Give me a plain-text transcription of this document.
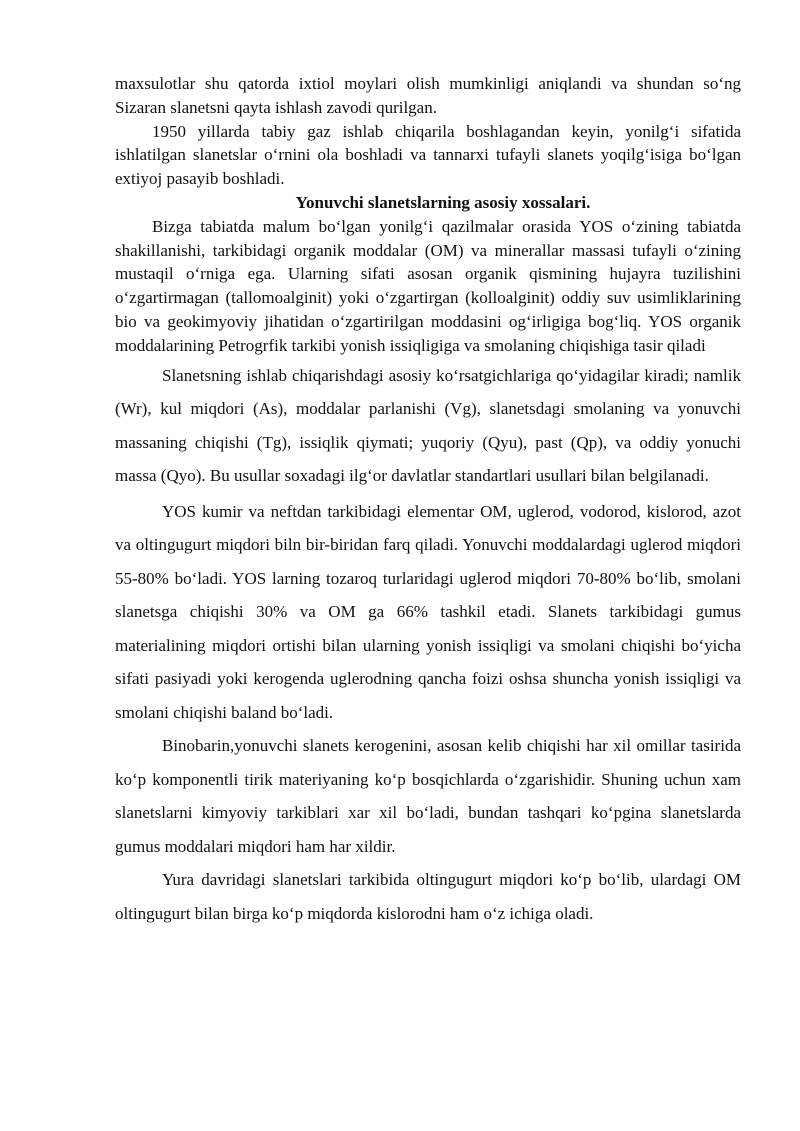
maxsulotlar shu qatorda ixtiol moylari olish mumkinligi aniqlandi va shundan so‘ng Sizaran slanetsni qayta ishlash zavodi qurilgan.

1950 yillarda tabiy gaz ishlab chiqarila boshlagandan keyin, yonilg‘i sifatida ishlatilgan slanetslar o‘rnini ola boshladi va tannarxi tufayli slanets yoqilg‘isiga bo‘lgan extiyoj pasayib boshladi.

Yonuvchi slanetslarning asosiy xossalari.

Bizga tabiatda malum bo‘lgan yonilg‘i qazilmalar orasida YOS o‘zining tabiatda shakillanishi, tarkibidagi organik moddalar (OM) va minerallar massasi tufayli o‘zining mustaqil o‘rniga ega. Ularning sifati asosan organik qismining hujayra tuzilishini o‘zgartirmagan (tallomoalginit) yoki o‘zgartirgan (kolloalginit) oddiy suv usimliklarining bio va geokimyoviy jihatidan o‘zgartirilgan moddasini og‘irligiga bog‘liq. YOS organik moddalarining Petrogrfik tarkibi yonish issiqligiga va smolaning chiqishiga tasir qiladi

Slanetsning ishlab chiqarishdagi asosiy ko‘rsatgichlariga qo‘yidagilar kiradi; namlik (Wr), kul miqdori (As), moddalar parlanishi (Vg), slanetsdagi smolaning va yonuvchi massaning chiqishi (Tg), issiqlik qiymati; yuqoriy (Qyu), past (Qp), va oddiy yonuchi massa (Qyo). Bu usullar soxadagi ilg‘or davlatlar standartlari usullari bilan belgilanadi.

YOS kumir va neftdan tarkibidagi elementar OM, uglerod, vodorod, kislorod, azot va oltingugurt miqdori biln bir-biridan farq qiladi. Yonuvchi moddalardagi uglerod miqdori 55-80% bo‘ladi. YOS larning tozaroq turlaridagi uglerod miqdori 70-80% bo‘lib, smolani slanetsga chiqishi 30% va OM ga 66% tashkil etadi. Slanets tarkibidagi gumus materialining miqdori ortishi bilan ularning yonish issiqligi va smolani chiqishi bo‘yicha sifati pasiyadi yoki kerogenda uglerodning qancha foizi oshsa shuncha yonish issiqligi va smolani chiqishi baland bo‘ladi.

Binobarin,yonuvchi slanets kerogenini, asosan kelib chiqishi har xil omillar tasirida ko‘p komponentli tirik materiyaning ko‘p bosqichlarda o‘zgarishidir. Shuning uchun xam slanetslarni kimyoviy tarkiblari xar xil bo‘ladi, bundan tashqari ko‘pgina slanetslarda gumus moddalari miqdori ham har xildir.

Yura davridagi slanetslari tarkibida oltingugurt miqdori ko‘p bo‘lib, ulardagi OM oltingugurt bilan birga ko‘p miqdorda kislorodni ham o‘z ichiga oladi.
